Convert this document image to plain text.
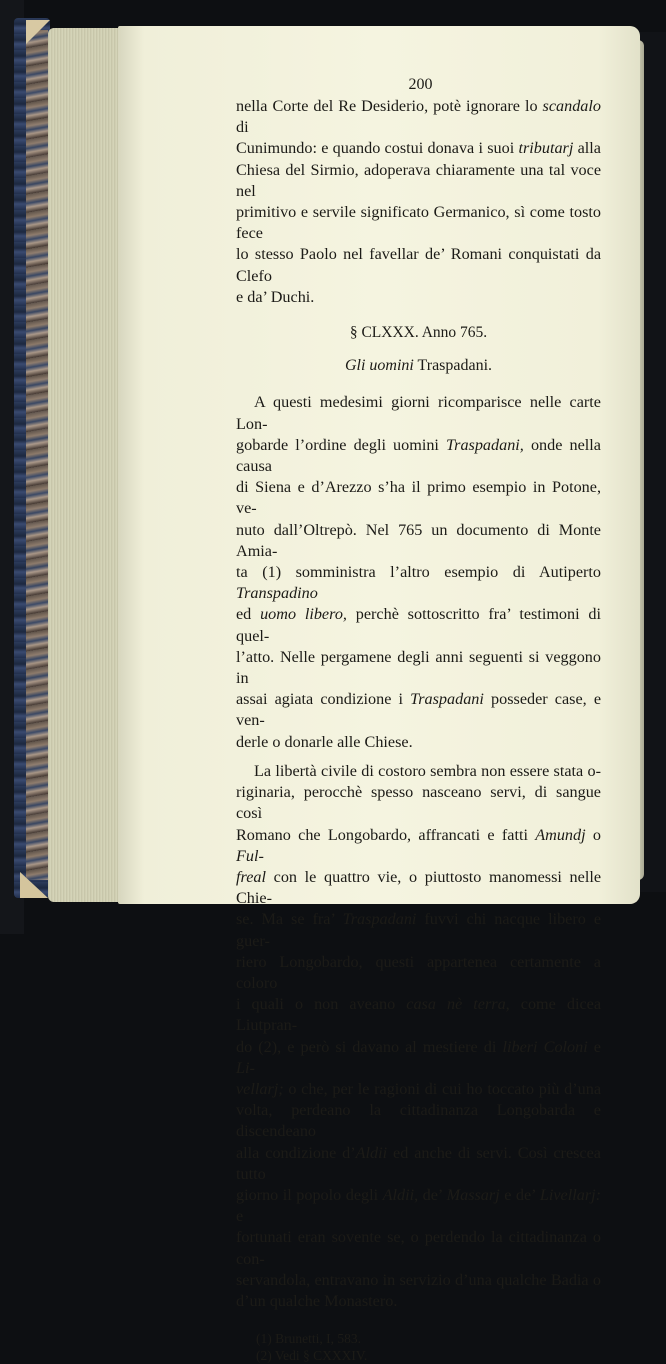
200

nella Corte del Re Desiderio, potè ignorare lo scandalo di

Cunimundo: e quando costui donava i suoi tributarj alla

Chiesa del Sirmio, adoperava chiaramente una tal voce nel

primitivo e servile significato Germanico, sì come tosto fece

lo stesso Paolo nel favellar de’ Romani conquistati da Clefo

e da’ Duchi.

§ CLXXX. Anno 765.
Gli uomini Traspadani.

A questi medesimi giorni ricomparisce nelle carte Lon-

gobarde l’ordine degli uomini Traspadani, onde nella causa

di Siena e d’Arezzo s’ha il primo esempio in Potone, ve-

nuto dall’Oltrepò. Nel 765 un documento di Monte Amia-

ta (1) somministra l’altro esempio di Autiperto Transpadino

ed uomo libero, perchè sottoscritto fra’ testimoni di quel-

l’atto. Nelle pergamene degli anni seguenti si veggono in

assai agiata condizione i Traspadani posseder case, e ven-

derle o donarle alle Chiese.

La libertà civile di costoro sembra non essere stata o-

riginaria, perocchè spesso nasceano servi, di sangue così

Romano che Longobardo, affrancati e fatti Amundj o Ful-

freal con le quattro vie, o piuttosto manomessi nelle Chie-

se. Ma se fra’ Traspadani fuvvi chi nacque libero e guer-

riero Longobardo, questi appartenea certamente a coloro

i quali o non aveano casa nè terra, come dicea Liutpran-

do (2), e però si davano al mestiere di liberi Coloni e Li-

vellarj; o che, per le ragioni di cui ho toccato più d’una

volta, perdeano la cittadinanza Longobarda e discendeano

alla condizione d’Aldii ed anche di servi. Così cresceа tutto

giorno il popolo degli Aldii, de’ Massarj e de’ Livellarj: e

fortunati eran sovente se, o perdendo la cittadinanza o con-

servandola, entravano in servizio d’una qualche Badia o

d’un qualche Monastero.

(1) Brunetti, I, 583.
(2) Vedi § CXXXIV.
